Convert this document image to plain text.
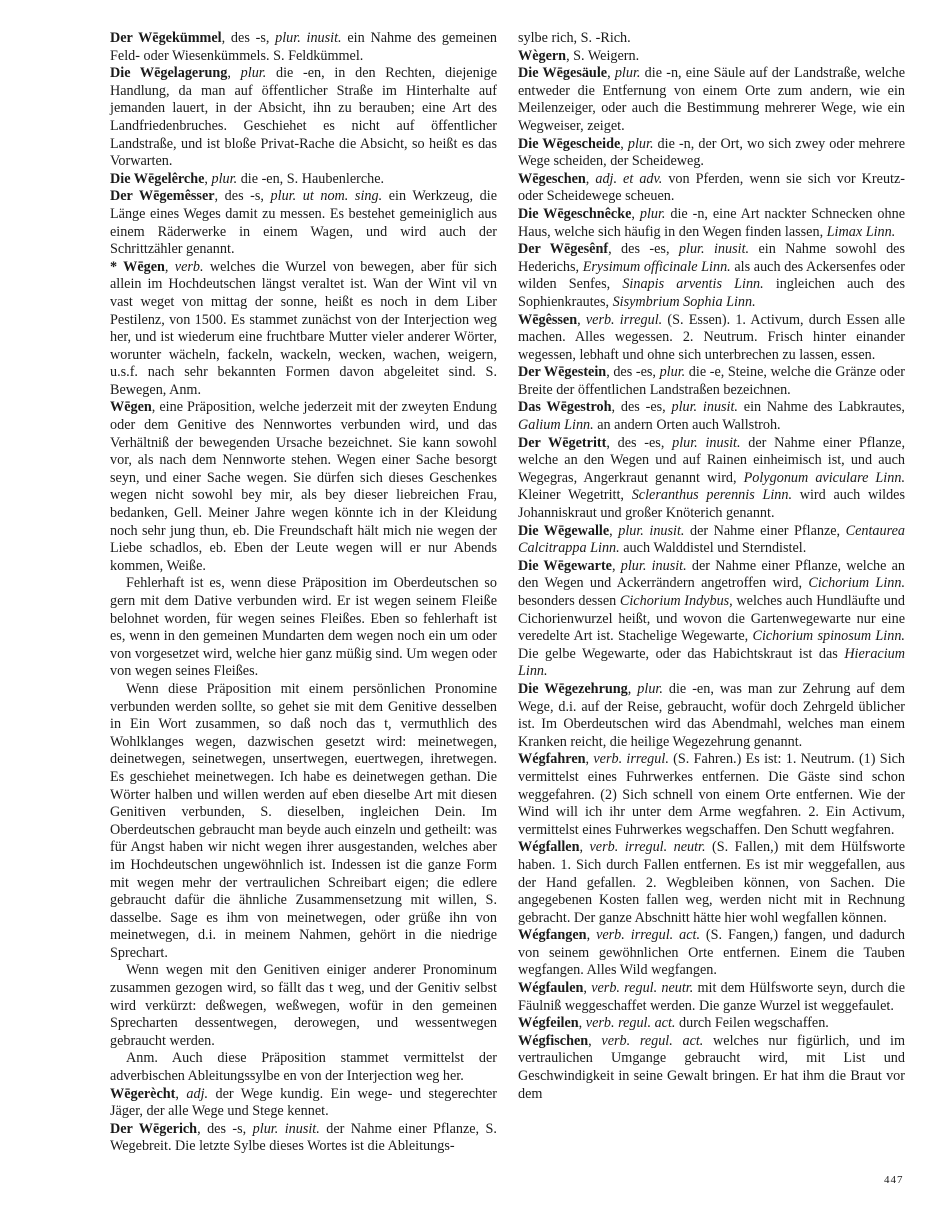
Der Wēgekümmel, des -s, plur. inusit. ein Nahme des gemeinen Feld- oder Wiesenkümmels. S. Feldkümmel.

Die Wēgelagerung, plur. die -en, in den Rechten, diejenige Handlung, da man auf öffentlicher Straße im Hinterhalte auf jemanden lauert, in der Absicht, ihn zu berauben; eine Art des Landfriedenbruches. Geschiehet es nicht auf öffentlicher Landstraße, und ist bloße Privat-Rache die Absicht, so heißt es das Vorwarten.

Die Wēgelêrche, plur. die -en, S. Haubenlerche.

Der Wēgemêsser, des -s, plur. ut nom. sing. ein Werkzeug, die Länge eines Weges damit zu messen. Es bestehet gemeiniglich aus einem Räderwerke in einem Wagen, und wird auch der Schrittzähler genannt.

* Wēgen, verb. welches die Wurzel von bewegen, aber für sich allein im Hochdeutschen längst veraltet ist. Wan der Wint vil vn vast weget von mittag der sonne, heißt es noch in dem Liber Pestilenz, von 1500. Es stammet zunächst von der Interjection weg her, und ist wiederum eine fruchtbare Mutter vieler anderer Wörter, worunter wächeln, fackeln, wackeln, wecken, wachen, weigern, u.s.f. nach sehr bekannten Formen davon abgeleitet sind. S. Bewegen, Anm.

Wēgen, eine Präposition, welche jederzeit mit der zweyten Endung oder dem Genitive des Nennwortes verbunden wird, und das Verhältniß der bewegenden Ursache bezeichnet. Sie kann sowohl vor, als nach dem Nennworte stehen. Wegen einer Sache besorgt seyn, und einer Sache wegen. Sie dürfen sich dieses Geschenkes wegen nicht sowohl bey mir, als bey dieser liebreichen Frau, bedanken, Gell. Meiner Jahre wegen könnte ich in der Kleidung noch sehr jung thun, eb. Die Freundschaft hält mich nie wegen der Liebe schadlos, eb. Eben der Leute wegen will er nur Abends kommen, Weiße.

Fehlerhaft ist es, wenn diese Präposition im Oberdeutschen so gern mit dem Dative verbunden wird. Er ist wegen seinem Fleiße belohnet worden, für wegen seines Fleißes. Eben so fehlerhaft ist es, wenn in den gemeinen Mundarten dem wegen noch ein um oder von vorgesetzet wird, welche hier ganz müßig sind. Um wegen oder von wegen seines Fleißes.

Wenn diese Präposition mit einem persönlichen Pronomine verbunden werden sollte, so gehet sie mit dem Genitive desselben in Ein Wort zusammen, so daß noch das t, vermuthlich des Wohlklanges wegen, dazwischen gesetzt wird: meinetwegen, deinetwegen, seinetwegen, unsertwegen, euertwegen, ihretwegen. Es geschiehet meinetwegen. Ich habe es deinetwegen gethan. Die Wörter halben und willen werden auf eben dieselbe Art mit diesen Genitiven verbunden, S. dieselben, ingleichen Dein. Im Oberdeutschen gebraucht man beyde auch einzeln und getheilt: was für Angst haben wir nicht wegen ihrer ausgestanden, welches aber im Hochdeutschen ungewöhnlich ist. Indessen ist die ganze Form mit wegen mehr der vertraulichen Schreibart eigen; die edlere gebraucht dafür die ähnliche Zusammensetzung mit willen, S. dasselbe. Sage es ihm von meinetwegen, oder grüße ihn von meinetwegen, d.i. in meinem Nahmen, gehört in die niedrige Sprechart.

Wenn wegen mit den Genitiven einiger anderer Pronominum zusammen gezogen wird, so fällt das t weg, und der Genitiv selbst wird verkürzt: deßwegen, weßwegen, wofür in den gemeinen Sprecharten dessentwegen, derowegen, und wessentwegen gebraucht werden.

Anm. Auch diese Präposition stammet vermittelst der adverbischen Ableitungssylbe en von der Interjection weg her.

Wēgerècht, adj. der Wege kundig. Ein wege- und stegerechter Jäger, der alle Wege und Stege kennet.

Der Wēgerich, des -s, plur. inusit. der Nahme einer Pflanze, S. Wegebreit. Die letzte Sylbe dieses Wortes ist die Ableitungs-

sylbe rich, S. -Rich.

Wègern, S. Weigern.

Die Wēgesäule, plur. die -n, eine Säule auf der Landstraße, welche entweder die Entfernung von einem Orte zum andern, wie ein Meilenzeiger, oder auch die Bestimmung mehrerer Wege, wie ein Wegweiser, zeiget.

Die Wēgescheide, plur. die -n, der Ort, wo sich zwey oder mehrere Wege scheiden, der Scheideweg.

Wēgeschen, adj. et adv. von Pferden, wenn sie sich vor Kreutz- oder Scheidewege scheuen.

Die Wēgeschnêcke, plur. die -n, eine Art nackter Schnecken ohne Haus, welche sich häufig in den Wegen finden lassen, Limax Linn.

Der Wēgesênf, des -es, plur. inusit. ein Nahme sowohl des Hederichs, Erysimum officinale Linn. als auch des Ackersenfes oder wilden Senfes, Sinapis arventis Linn. ingleichen auch des Sophienkrautes, Sisymbrium Sophia Linn.

Wēgêssen, verb. irregul. (S. Essen). 1. Activum, durch Essen alle machen. Alles wegessen. 2. Neutrum. Frisch hinter einander wegessen, lebhaft und ohne sich unterbrechen zu lassen, essen.

Der Wēgestein, des -es, plur. die -e, Steine, welche die Gränze oder Breite der öffentlichen Landstraßen bezeichnen.

Das Wēgestroh, des -es, plur. inusit. ein Nahme des Labkrautes, Galium Linn. an andern Orten auch Wallstroh.

Der Wēgetritt, des -es, plur. inusit. der Nahme einer Pflanze, welche an den Wegen und auf Rainen einheimisch ist, und auch Wegegras, Angerkraut genannt wird, Polygonum aviculare Linn. Kleiner Wegetritt, Scleranthus perennis Linn. wird auch wildes Johanniskraut und großer Knöterich genannt.

Die Wēgewalle, plur. inusit. der Nahme einer Pflanze, Centaurea Calcitrappa Linn. auch Walddistel und Sterndistel.

Die Wēgewarte, plur. inusit. der Nahme einer Pflanze, welche an den Wegen und Ackerrändern angetroffen wird, Cichorium Linn. besonders dessen Cichorium Indybus, welches auch Hundläufte und Cichorienwurzel heißt, und wovon die Gartenwegewarte nur eine veredelte Art ist. Stachelige Wegewarte, Cichorium spinosum Linn. Die gelbe Wegewarte, oder das Habichtskraut ist das Hieracium Linn.

Die Wēgezehrung, plur. die -en, was man zur Zehrung auf dem Wege, d.i. auf der Reise, gebraucht, wofür doch Zehrgeld üblicher ist. Im Oberdeutschen wird das Abendmahl, welches man einem Kranken reicht, die heilige Wegezehrung genannt.

Wégfahren, verb. irregul. (S. Fahren.) Es ist: 1. Neutrum. (1) Sich vermittelst eines Fuhrwerkes entfernen. Die Gäste sind schon weggefahren. (2) Sich schnell von einem Orte entfernen. Wie der Wind will ich ihr unter dem Arme wegfahren. 2. Ein Activum, vermittelst eines Fuhrwerkes wegschaffen. Den Schutt wegfahren.

Wégfallen, verb. irregul. neutr. (S. Fallen,) mit dem Hülfsworte haben. 1. Sich durch Fallen entfernen. Es ist mir weggefallen, aus der Hand gefallen. 2. Wegbleiben können, von Sachen. Die angegebenen Kosten fallen weg, werden nicht mit in Rechnung gebracht. Der ganze Abschnitt hätte hier wohl wegfallen können.

Wégfangen, verb. irregul. act. (S. Fangen,) fangen, und dadurch von seinem gewöhnlichen Orte entfernen. Einem die Tauben wegfangen. Alles Wild wegfangen.

Wégfaulen, verb. regul. neutr. mit dem Hülfsworte seyn, durch die Fäulniß weggeschaffet werden. Die ganze Wurzel ist weggefaulet.

Wégfeilen, verb. regul. act. durch Feilen wegschaffen.

Wégfischen, verb. regul. act. welches nur figürlich, und im vertraulichen Umgange gebraucht wird, mit List und Geschwindigkeit in seine Gewalt bringen. Er hat ihm die Braut vor dem

447
